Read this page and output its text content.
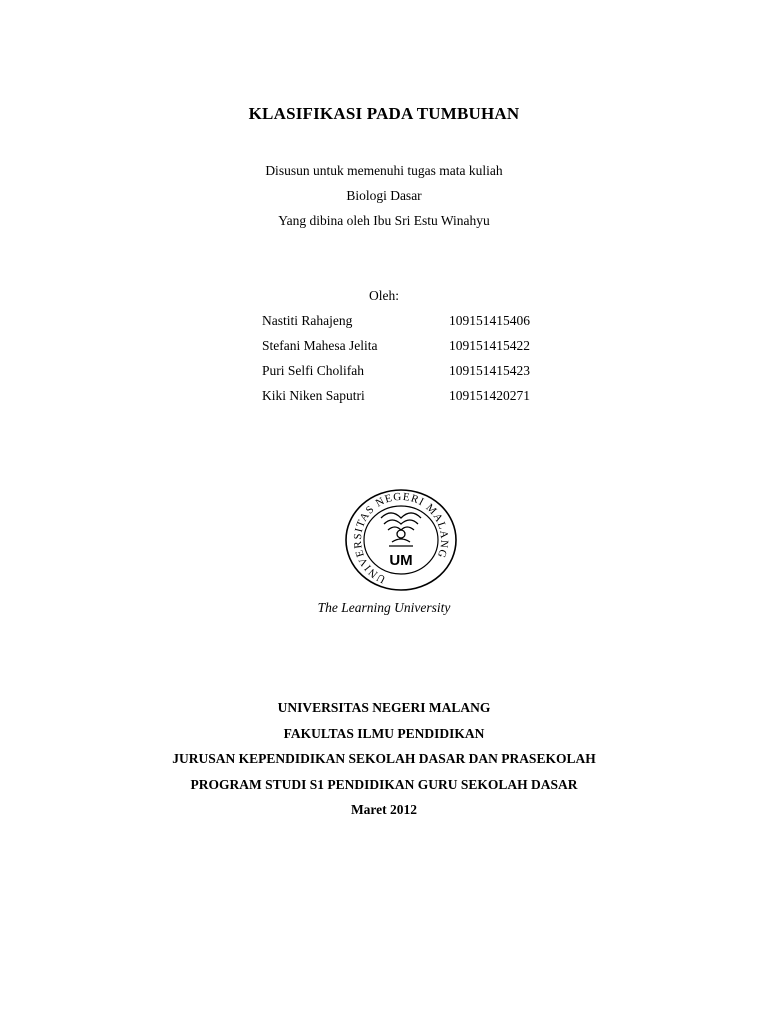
KLASIFIKASI PADA TUMBUHAN
Disusun untuk memenuhi tugas mata kuliah
Biologi Dasar
Yang dibina oleh Ibu Sri Estu Winahyu
Oleh:
Nastiti Rahajeng	109151415406
Stefani Mahesa Jelita	109151415422
Puri Selfi Cholifah	109151415423
Kiki Niken Saputri	109151420271
UNIVERSITAS NEGERI MALANG
UM
The Learning University
UNIVERSITAS NEGERI MALANG
FAKULTAS ILMU PENDIDIKAN
JURUSAN KEPENDIDIKAN SEKOLAH DASAR DAN PRASEKOLAH
PROGRAM STUDI S1 PENDIDIKAN GURU SEKOLAH DASAR
Maret 2012
